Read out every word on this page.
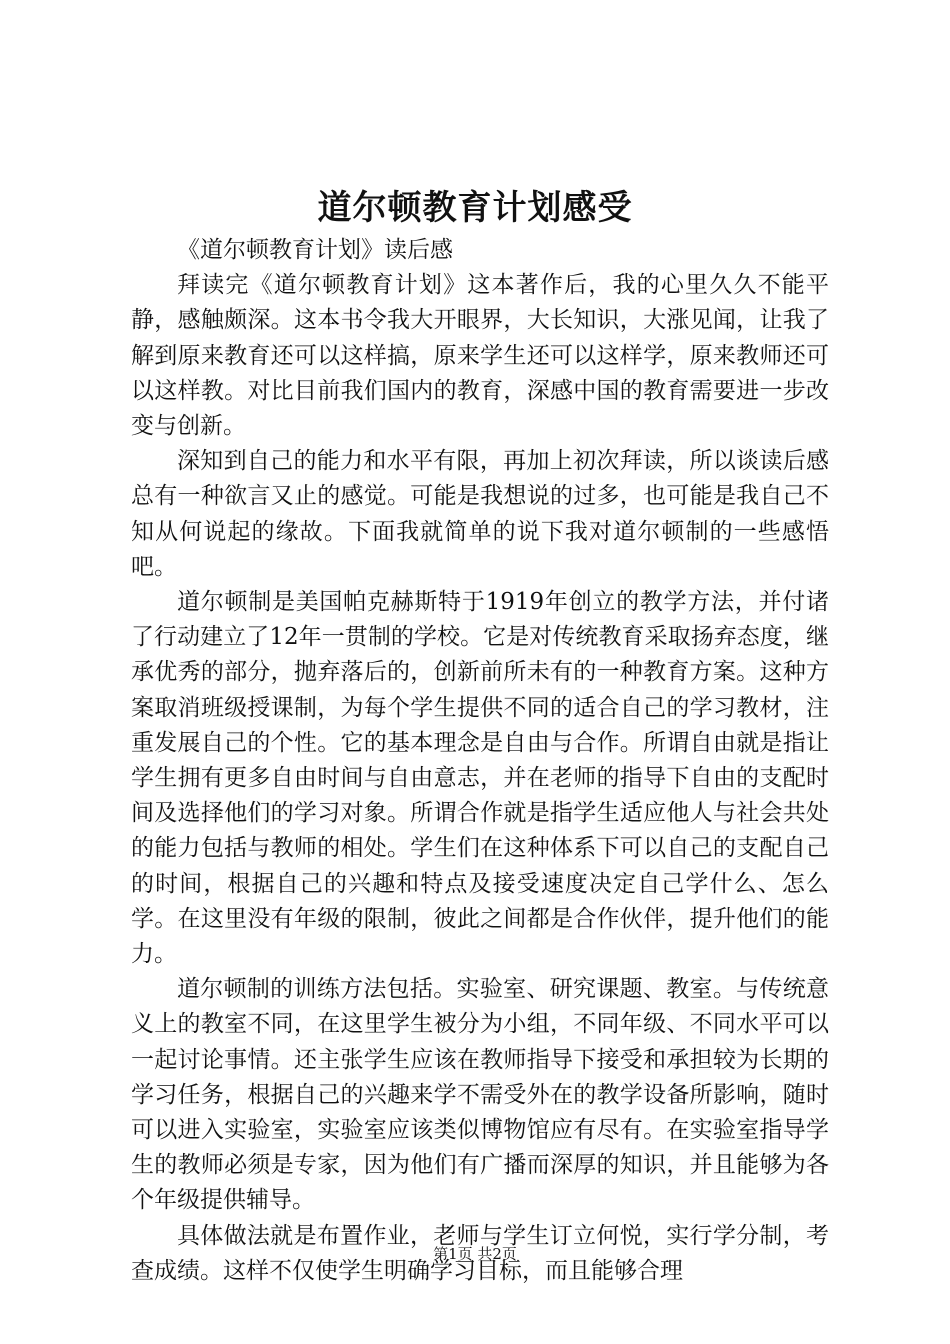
道尔顿教育计划感受

《道尔顿教育计划》读后感

拜读完《道尔顿教育计划》这本著作后，我的心里久久不能平静，感触颇深。这本书令我大开眼界，大长知识，大涨见闻，让我了解到原来教育还可以这样搞，原来学生还可以这样学，原来教师还可以这样教。对比目前我们国内的教育，深感中国的教育需要进一步改变与创新。

深知到自己的能力和水平有限，再加上初次拜读，所以谈读后感总有一种欲言又止的感觉。可能是我想说的过多，也可能是我自己不知从何说起的缘故。下面我就简单的说下我对道尔顿制的一些感悟吧。

道尔顿制是美国帕克赫斯特于1919年创立的教学方法，并付诸了行动建立了12年一贯制的学校。它是对传统教育采取扬弃态度，继承优秀的部分，抛弃落后的，创新前所未有的一种教育方案。这种方案取消班级授课制，为每个学生提供不同的适合自己的学习教材，注重发展自己的个性。它的基本理念是自由与合作。所谓自由就是指让学生拥有更多自由时间与自由意志，并在老师的指导下自由的支配时间及选择他们的学习对象。所谓合作就是指学生适应他人与社会共处的能力包括与教师的相处。学生们在这种体系下可以自己的支配自己的时间，根据自己的兴趣和特点及接受速度决定自己学什么、怎么学。在这里没有年级的限制，彼此之间都是合作伙伴，提升他们的能力。

道尔顿制的训练方法包括。实验室、研究课题、教室。与传统意义上的教室不同，在这里学生被分为小组，不同年级、不同水平可以一起讨论事情。还主张学生应该在教师指导下接受和承担较为长期的学习任务，根据自己的兴趣来学不需受外在的教学设备所影响，随时可以进入实验室，实验室应该类似博物馆应有尽有。在实验室指导学生的教师必须是专家，因为他们有广播而深厚的知识，并且能够为各个年级提供辅导。

具体做法就是布置作业，老师与学生订立何悦，实行学分制，考查成绩。这样不仅使学生明确学习目标，而且能够合理

第1页 共2页
